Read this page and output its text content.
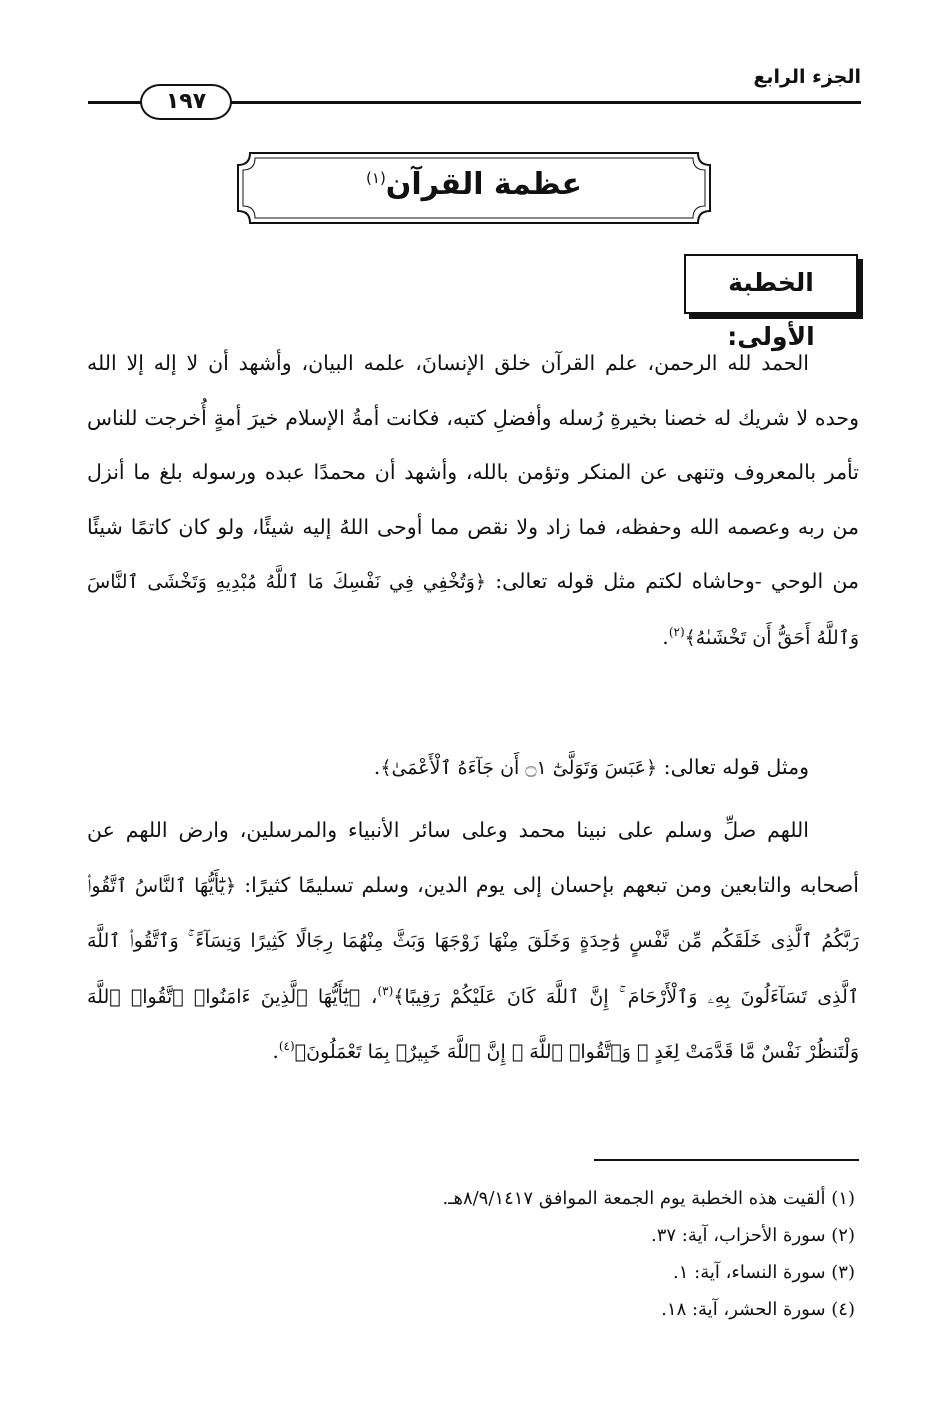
الجزء الرابع
١٩٧
عظمة القرآن$^{(١)}$
الخطبة الأولى:
الحمد لله الرحمن، علم القرآن خلق الإنسانَ، علمه البيان، وأشهد أن لا إله إلا الله وحده لا شريك له خصنا بخيرةِ رُسله وأفضلِ كتبه، فكانت أمةُ الإسلام خيرَ أمةٍ أُخرجت للناس تأمر بالمعروف وتنهى عن المنكر وتؤمن بالله، وأشهد أن محمدًا عبده ورسوله بلغ ما أنزل من ربه وعصمه الله وحفظه، فما زاد ولا نقص مما أوحى اللهُ إليه شيئًا، ولو كان كاتمًا شيئًا من الوحي -وحاشاه لكتم مثل قوله تعالى: ﴿وَتُخْفِي فِي نَفْسِكَ مَا ٱللَّهُ مُبْدِيهِ وَتَخْشَى ٱلنَّاسَ وَٱللَّهُ أَحَقُّ أَن تَخْشَىٰهُ﴾$^{(٢)}$.
ومثل قوله تعالى: ﴿عَبَسَ وَتَوَلَّىٰٓ ۝١ أَن جَآءَهُ ٱلْأَعْمَىٰ﴾.
اللهم صلِّ وسلم على نبينا محمد وعلى سائر الأنبياء والمرسلين، وارض اللهم عن أصحابه والتابعين ومن تبعهم بإحسان إلى يوم الدين، وسلم تسليمًا كثيرًا: ﴿يَٰٓأَيُّهَا ٱلنَّاسُ ٱتَّقُوا۟ رَبَّكُمُ ٱلَّذِى خَلَقَكُم مِّن نَّفْسٍ وَٰحِدَةٍ وَخَلَقَ مِنْهَا زَوْجَهَا وَبَثَّ مِنْهُمَا رِجَالًا كَثِيرًا وَنِسَآءً ۚ وَٱتَّقُوا۟ ٱللَّهَ ٱلَّذِى تَسَآءَلُونَ بِهِۦ وَٱلْأَرْحَامَ ۚ إِنَّ ٱللَّهَ كَانَ عَلَيْكُمْ رَقِيبًا﴾$^{(٣)}$، ﴿يَٰٓأَيُّهَا ٱلَّذِينَ ءَامَنُوا۟ ٱتَّقُوا۟ ٱللَّهَ وَلْتَنظُرْ نَفْسٌ مَّا قَدَّمَتْ لِغَدٍ ۖ وَٱتَّقُوا۟ ٱللَّهَ ۚ إِنَّ ٱللَّهَ خَبِيرٌۢ بِمَا تَعْمَلُونَ﴾$^{(٤)}$.
(١) ألقيت هذه الخطبة يوم الجمعة الموافق ٨/٩/١٤١٧هـ.
(٢) سورة الأحزاب، آية: ٣٧.
(٣) سورة النساء، آية: ١.
(٤) سورة الحشر، آية: ١٨.
